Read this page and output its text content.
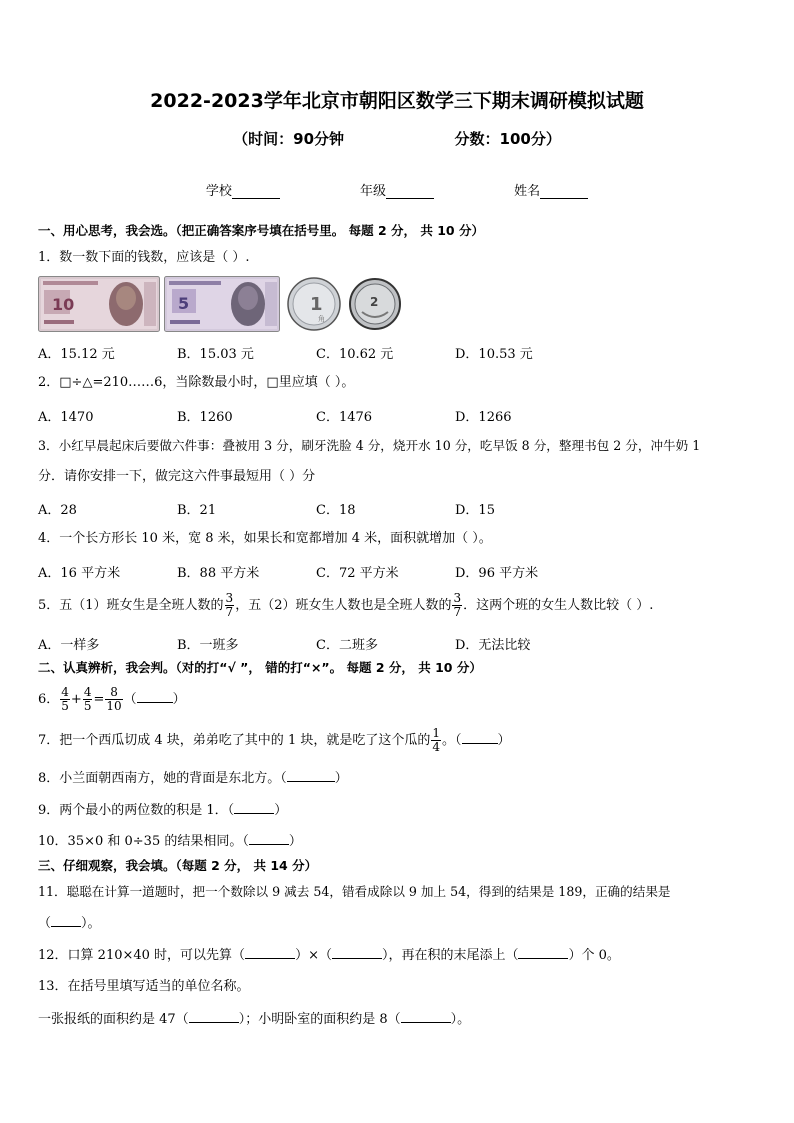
2022-2023学年北京市朝阳区数学三下期末调研模拟试题
（时间：90分钟	分数：100分）
学校	年级	姓名
一、用心思考，我会选。（把正确答案序号填在括号里。 每题 2 分， 共 10 分）
1．数一数下面的钱数，应该是（ ）.
10	5	1
角
2
A．15.12 元	B．15.03 元	C．10.62 元	D．10.53 元
2．□÷△=210……6，当除数最小时，□里应填（ ）。
A．1470	B．1260	C．1476	D．1266
3．小红早晨起床后要做六件事：叠被用 3 分，刷牙洗脸 4 分，烧开水 10 分，吃早饭 8 分，整理书包 2 分，冲牛奶 1
分．请你安排一下，做完这六件事最短用（ ）分
A．28	B．21	C．18	D．15
4．一个长方形长 10 米，宽 8 米，如果长和宽都增加 4 米，面积就增加（ ）。
A．16 平方米	B．88 平方米	C．72 平方米	D．96 平方米
5．五（1）班女生是全班人数的 $\frac{3}{7}$ ，五（2）班女生人数也是全班人数的 $\frac{3}{7}$ ．这两个班的女生人数比较（ ）.
A．一样多	B．一班多	C．二班多	D．无法比较
二、认真辨析，我会判。（对的打“√ ”， 错的打“×”。 每题 2 分， 共 10 分）
6． $\frac{4}{5} + \frac{4}{5} = \frac{8}{10}$ （	）
7．把一个西瓜切成 4 块，弟弟吃了其中的 1 块，就是吃了这个瓜的 $\frac{1}{4}$ 。（	）
8．小兰面朝西南方，她的背面是东北方。（	）
9．两个最小的两位数的积是 1．（	）
10．35×0 和 0÷35 的结果相同。（	）
三、仔细观察，我会填。（每题 2 分， 共 14 分）
11．聪聪在计算一道题时，把一个数除以 9 减去 54，错看成除以 9 加上 54，得到的结果是 189，正确的结果是
（ ）。
12．口算 210×40 时，可以先算（	）×（	），再在积的末尾添上（	）个 0。
13．在括号里填写适当的单位名称。
一张报纸的面积约是 47（	）；小明卧室的面积约是 8（	）。
